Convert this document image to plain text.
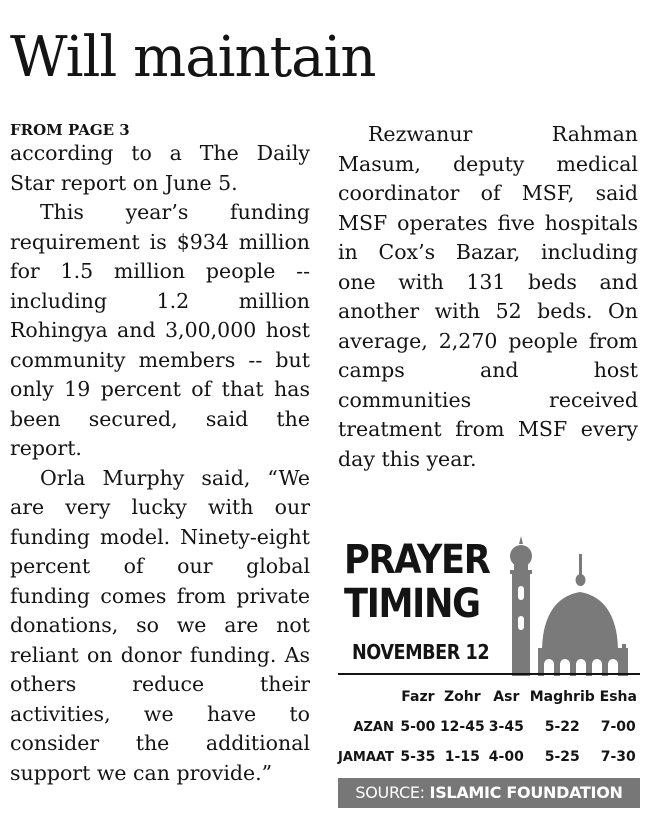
Will maintain
FROM PAGE 3

according to a The Daily Star report on June 5.

This year’s funding requirement is $934 million for 1.5 million people -- including 1.2 million Rohingya and 3,00,000 host community members -- but only 19 percent of that has been secured, said the report.

Orla Murphy said, “We are very lucky with our funding model. Ninety-eight percent of our global funding comes from private donations, so we are not reliant on donor funding. As others reduce their activities, we have to consider the additional support we can provide.”

Rezwanur Rahman Masum, deputy medical coordinator of MSF, said MSF operates five hospitals in Cox’s Bazar, including one with 131 beds and another with 52 beds. On average, 2,270 people from camps and host communities received treatment from MSF every day this year.

PRAYER
TIMING
NOVEMBER 12
	Fazr	Zohr	Asr	Maghrib	Esha
AZAN	5-00	12-45	3-45	5-22	7-00
JAMAAT	5-35	1-15	4-00	5-25	7-30
SOURCE: ISLAMIC FOUNDATION
